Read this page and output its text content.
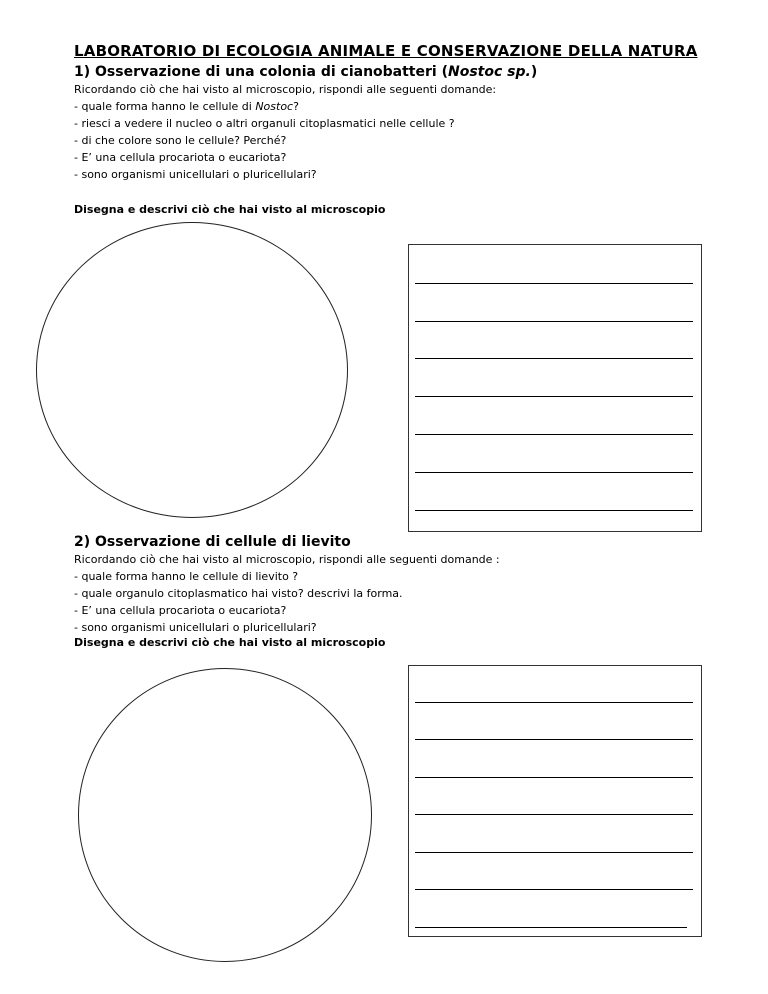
LABORATORIO DI ECOLOGIA ANIMALE E CONSERVAZIONE DELLA NATURA
1) Osservazione di una colonia di cianobatteri (Nostoc sp.)
Ricordando ciò che hai visto al microscopio, rispondi alle seguenti domande:
- quale forma hanno le cellule di Nostoc?
- riesci a vedere il nucleo o altri organuli citoplasmatici nelle cellule ?
- di che colore sono le cellule? Perché?
- E’ una cellula procariota o eucariota?
- sono organismi unicellulari o pluricellulari?
Disegna e descrivi ciò che hai visto al microscopio
2) Osservazione di cellule di lievito
Ricordando ciò che hai visto al microscopio, rispondi alle seguenti domande :
- quale forma hanno le cellule di lievito ?
- quale organulo citoplasmatico hai visto? descrivi la forma.
- E’ una cellula procariota o eucariota?
- sono organismi unicellulari o pluricellulari?
Disegna e descrivi ciò che hai visto al microscopio
